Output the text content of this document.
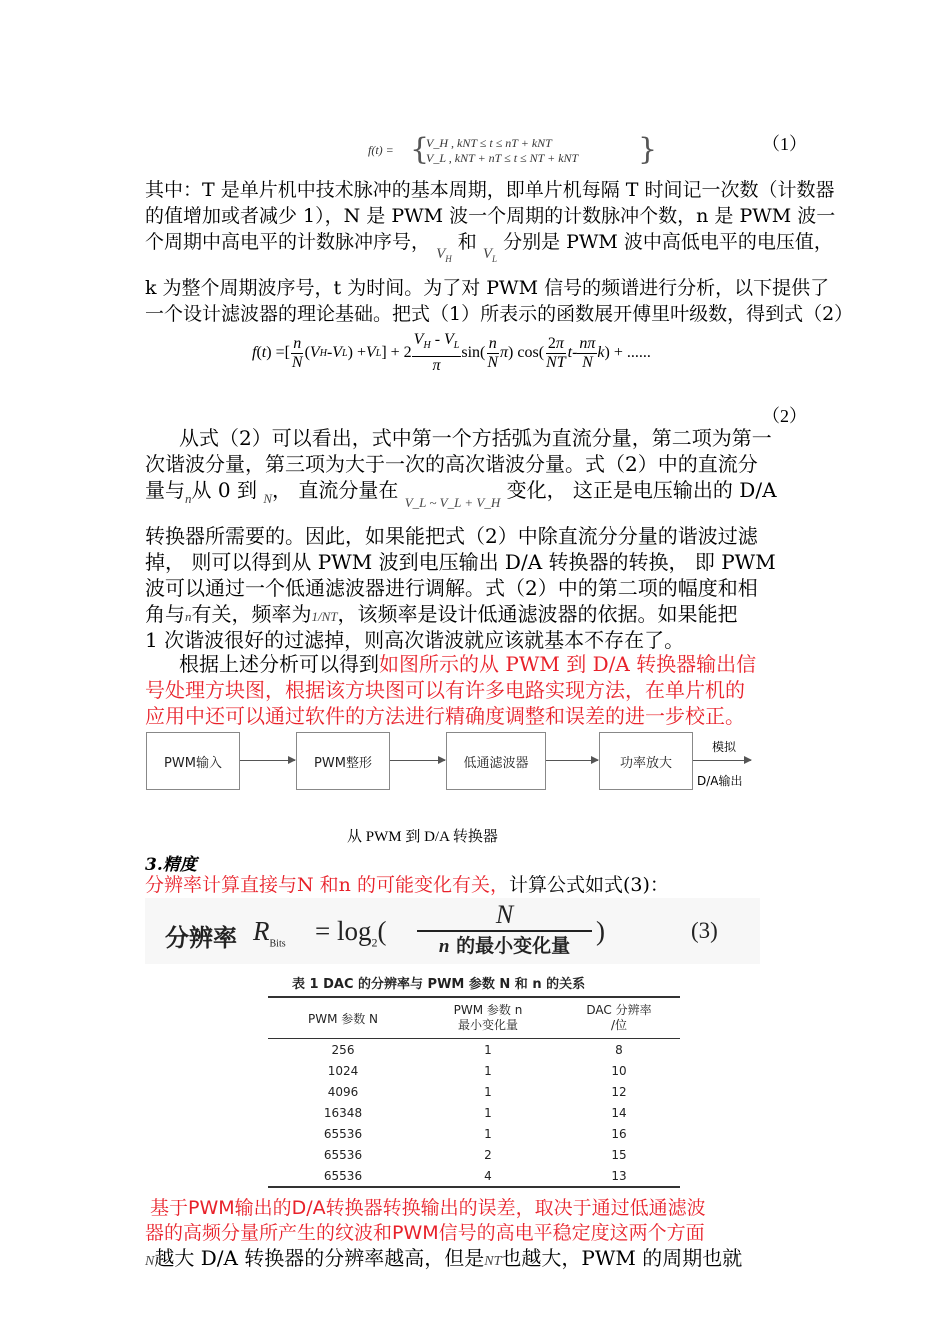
f(t) = {
V_H , kNT ≤ t ≤ nT + kNT
V_L , kNT + nT ≤ t ≤ NT + kNT }	（1）
其中：T 是单片机中技术脉冲的基本周期，即单片机每隔 T 时间记一次数（计数器
的值增加或者减少 1），N 是 PWM 波一个周期的计数脉冲个数，n 是 PWM 波一
个周期中高电平的计数脉冲序号， $_{V_H}$ 和 $_{V_L}$ 分别是 PWM 波中高低电平的电压值，
k 为整个周期波序号，t 为时间。为了对 PWM 信号的频谱进行分析，以下提供了
一个设计滤波器的理论基础。把式（1）所表示的函数展开傅里叶级数，得到式（2）
f ( t ) =[ $\frac{n}{N}$ ( V H - V L ) + V L ] + $2 \frac{V_H - V_L}{\pi} \sin( \frac{n}{N}$ π ) $\cos( \frac{2\pi}{NT}$ t - $\frac{n\pi}{N}$ k ) + ......
（2）
从式（2）可以看出，式中第一个方括弧为直流分量，第二项为第一
次谐波分量，第三项为大于一次的高次谐波分量。式（2）中的直流分
量与$_n$从 0 到 $_N$， 直流分量在 $_{V\_L \sim V\_L + V\_H}$ 变化， 这正是电压输出的 D/A
转换器所需要的。因此，如果能把式（2）中除直流分分量的谐波过滤
掉， 则可以得到从 PWM 波到电压输出 D/A 转换器的转换， 即 PWM
波可以通过一个低通滤波器进行调解。式（2）中的第二项的幅度和相
角与n有关，频率为1/NT，该频率是设计低通滤波器的依据。如果能把
1 次谐波很好的过滤掉，则高次谐波就应该就基本不存在了。
根据上述分析可以得到如图所示的从 PWM 到 D/A 转换器输出信
号处理方块图，根据该方块图可以有许多电路实现方法，在单片机的
应用中还可以通过软件的方法进行精确度调整和误差的进一步校正。
PWM输入	PWM整形	低通滤波器	功率放大
模拟
D/A输出
从 PWM 到 D/A 转换器
3.精度
分辨率计算直接与N 和n 的可能变化有关，计算公式如式(3)：
分辨率 $R_{Bits} = \log_2$(
N
n 的最小变化量 )	(3)
表 1 DAC 的分辨率与 PWM 参数 N 和 n 的关系
PWM 参数 N	PWM 参数 n
最小变化量	DAC 分辨率
/位
256	1	8
1024	1	10
4096	1	12
16348	1	14
65536	1	16
65536	2	15
65536	4	13
基于PWM输出的D/A转换器转换输出的误差，取决于通过低通滤波
器的高频分量所产生的纹波和PWM信号的高电平稳定度这两个方面
N越大 D/A 转换器的分辨率越高，但是NT也越大，PWM 的周期也就
